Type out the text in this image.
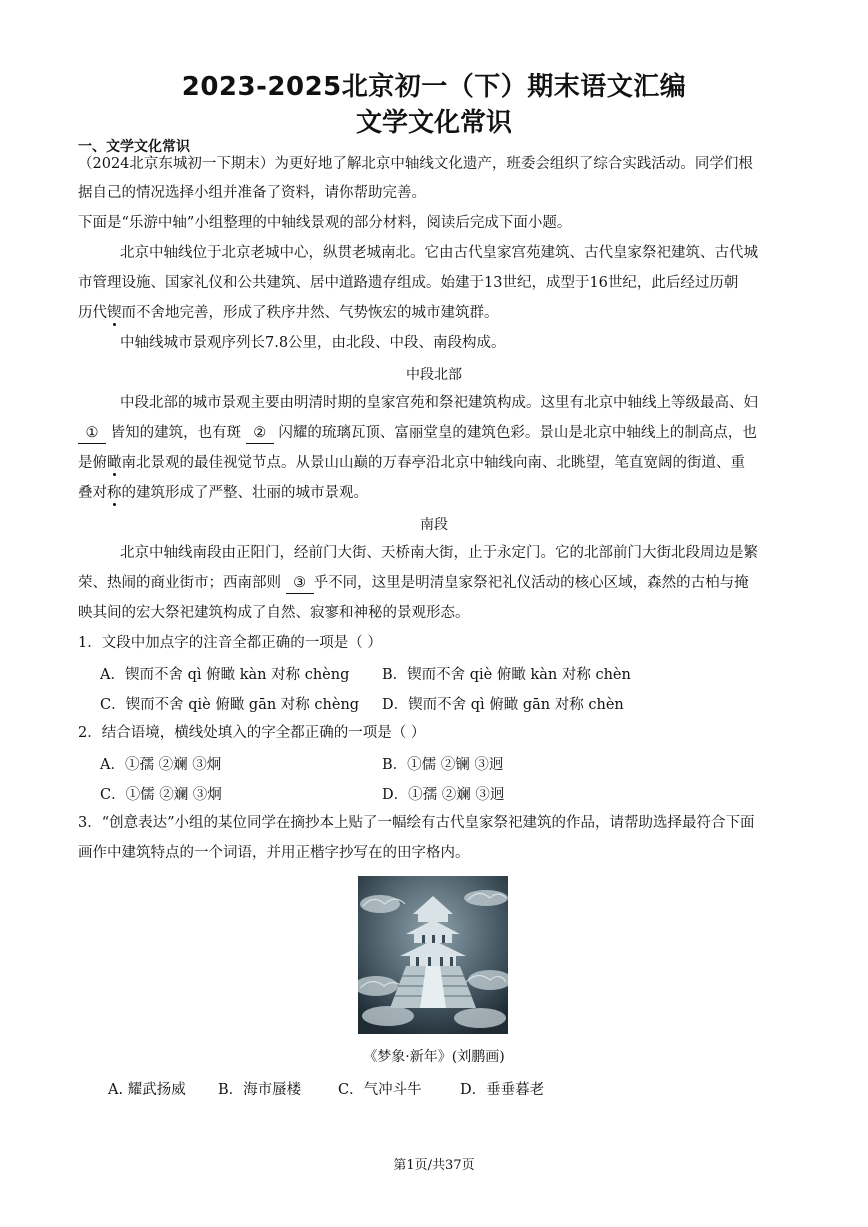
2023-2025北京初一（下）期末语文汇编
文学文化常识
一、文学文化常识
（2024北京东城初一下期末）为更好地了解北京中轴线文化遗产，班委会组织了综合实践活动。同学们根
据自己的情况选择小组并准备了资料，请你帮助完善。
下面是“乐游中轴”小组整理的中轴线景观的部分材料，阅读后完成下面小题。
北京中轴线位于北京老城中心，纵贯老城南北。它由古代皇家宫苑建筑、古代皇家祭祀建筑、古代城
市管理设施、国家礼仪和公共建筑、居中道路遗存组成。始建于13世纪，成型于16世纪，此后经过历朝
历代锲而不舍地完善，形成了秩序井然、气势恢宏的城市建筑群。
中轴线城市景观序列长7.8公里，由北段、中段、南段构成。
中段北部
中段北部的城市景观主要由明清时期的皇家宫苑和祭祀建筑构成。这里有北京中轴线上等级最高、妇
① 皆知的建筑，也有斑 ② 闪耀的琉璃瓦顶、富丽堂皇的建筑色彩。景山是北京中轴线上的制高点，也
是俯瞰南北景观的最佳视觉节点。从景山山巅的万春亭沿北京中轴线向南、北眺望，笔直宽阔的街道、重
叠对称的建筑形成了严整、壮丽的城市景观。
南段
北京中轴线南段由正阳门，经前门大街、天桥南大街，止于永定门。它的北部前门大街北段周边是繁
荣、热闹的商业街市；西南部则 ③ 乎不同，这里是明清皇家祭祀礼仪活动的核心区域，森然的古柏与掩
映其间的宏大祭祀建筑构成了自然、寂寥和神秘的景观形态。
1．文段中加点字的注音全都正确的一项是（ ）
A．锲而不舍 qì 俯瞰 kàn 对称 chèng B．锲而不舍 qiè 俯瞰 kàn 对称 chèn
C．锲而不舍 qiè 俯瞰 gān 对称 chèng D．锲而不舍 qì 俯瞰 gān 对称 chèn
2．结合语境，横线处填入的字全都正确的一项是（ ）
A．①孺 ②斓 ③炯	B．①儒 ②镧 ③迥
C．①儒 ②斓 ③炯	D．①孺 ②斓 ③迥
3．“创意表达”小组的某位同学在摘抄本上贴了一幅绘有古代皇家祭祀建筑的作品，请帮助选择最符合下面
画作中建筑特点的一个词语，并用正楷字抄写在的田字格内。
《梦象·新年》(刘鹏画)
A. 耀武扬威 B．海市蜃楼	C．气冲斗牛	D．垂垂暮老
第1页/共37页
